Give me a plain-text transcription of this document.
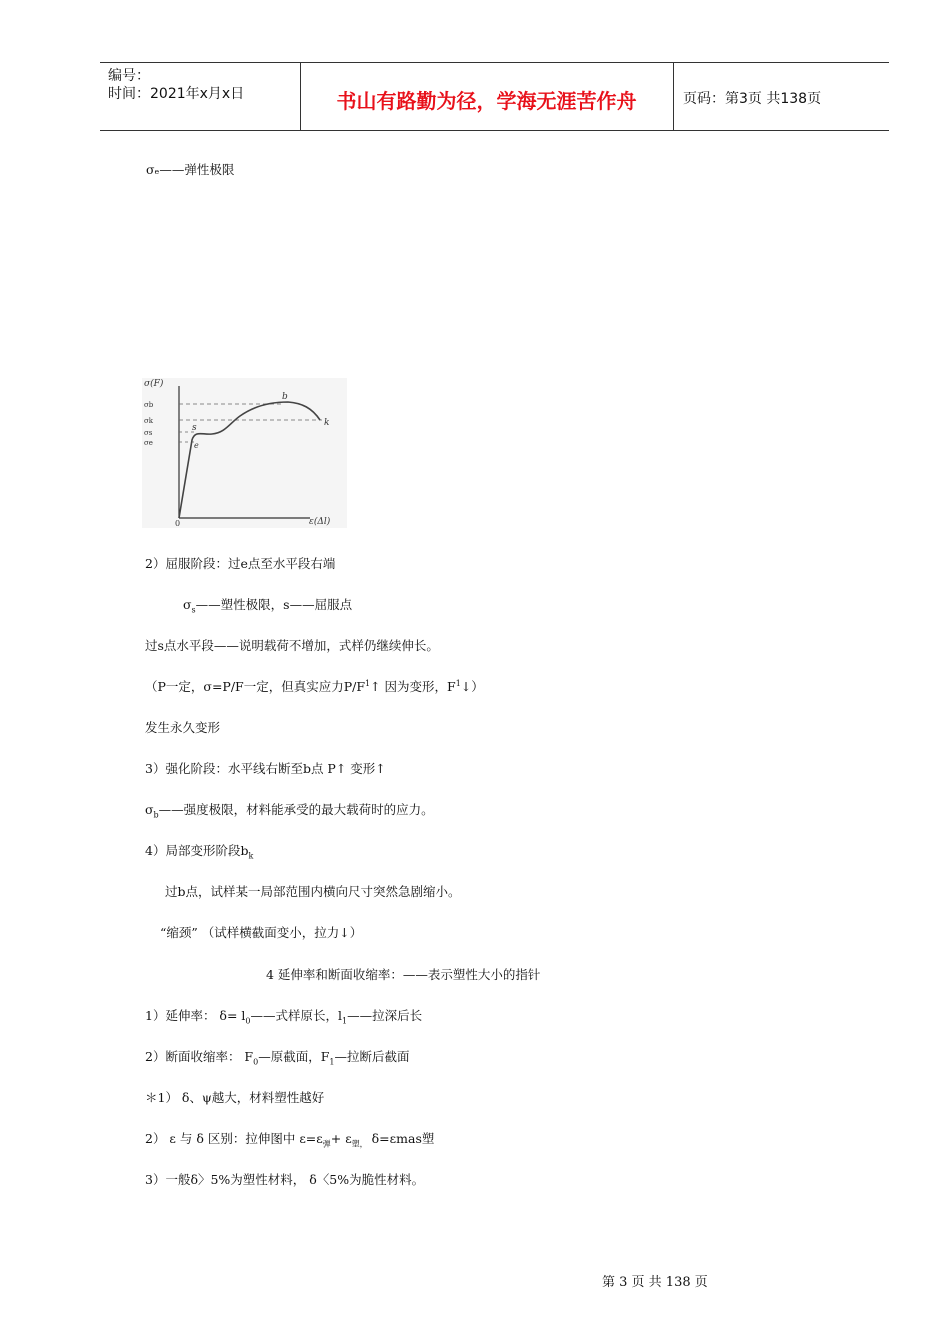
编号：
时间：2021年x月x日	书山有路勤为径，学海无涯苦作舟	页码：第3页 共138页
σₑ——弹性极限
σ(F)
σb
σk
σs
σe
b
k
s
e
0	ε(Δl)
2）屈服阶段：过e点至水平段右端
$\sigma_s——$塑性极限，s——屈服点
过s点水平段——说明载荷不增加，式样仍继续伸长。
（P一定，σ=P/F一定，但真实应力$P/F^1↑$ 因为变形，$F^1↓$）
发生永久变形
3）强化阶段：水平线右断至b点 P↑ 变形↑
$\sigma_b——$强度极限，材料能承受的最大载荷时的应力。
4）局部变形阶段$b_k$
过b点，试样某一局部范围内横向尺寸突然急剧缩小。
“缩颈” （试样横截面变小，拉力↓）
4 延伸率和断面收缩率：——表示塑性大小的指针
1）延伸率： $\delta= l_0——$式样原长，$l_1——$拉深后长
2）断面收缩率： $F_0—$原截面，$F_1—$拉断后截面
＊1） δ、ψ越大，材料塑性越好
2） ε 与 δ 区别：拉伸图中 $\varepsilon=\varepsilon_弹+ \varepsilon_{塑,}$ δ=εmas塑
3）一般δ〉5%为塑性材料， δ〈5%为脆性材料。
第 3 页 共 138 页
